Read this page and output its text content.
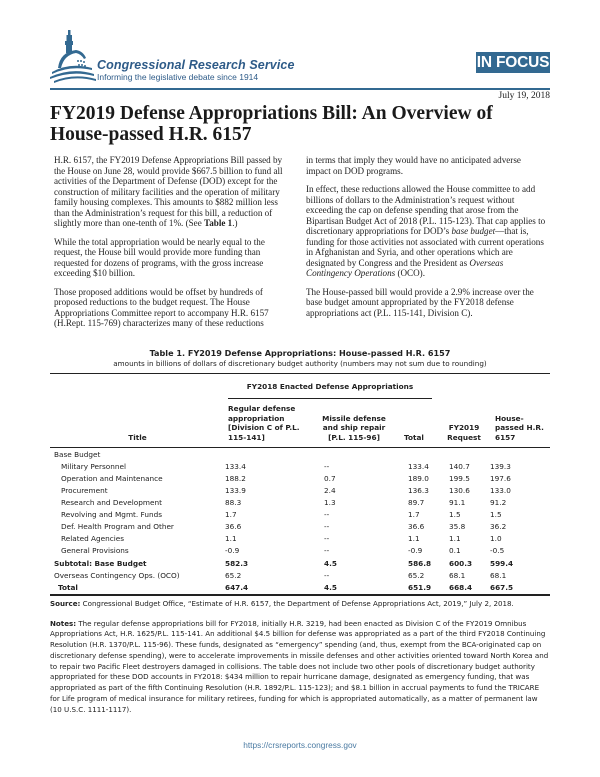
Congressional Research Service
Informing the legislative debate since 1914
IN FOCUS
July 19, 2018
FY2019 Defense Appropriations Bill: An Overview of House-passed H.R. 6157

H.R. 6157, the FY2019 Defense Appropriations Bill passed by the House on June 28, would provide $667.5 billion to fund all activities of the Department of Defense (DOD) except for the construction of military facilities and the operation of military family housing complexes. This amounts to $882 million less than the Administration’s request for this bill, a reduction of slightly more than one-tenth of 1%. (See Table 1.)

While the total appropriation would be nearly equal to the request, the House bill would provide more funding than requested for dozens of programs, with the gross increase exceeding $10 billion.

Those proposed additions would be offset by hundreds of proposed reductions to the budget request. The House Appropriations Committee report to accompany H.R. 6157 (H.Rept. 115-769) characterizes many of these reductions

in terms that imply they would have no anticipated adverse impact on DOD programs.

In effect, these reductions allowed the House committee to add billions of dollars to the Administration’s request without exceeding the cap on defense spending that arose from the Bipartisan Budget Act of 2018 (P.L. 115-123). That cap applies to discretionary appropriations for DOD’s base budget—that is, funding for those activities not associated with current operations in Afghanistan and Syria, and other operations which are designated by Congress and the President as Overseas Contingency Operations (OCO).

The House-passed bill would provide a 2.9% increase over the base budget amount appropriated by the FY2018 defense appropriations act (P.L. 115-141, Division C).

Table 1. FY2019 Defense Appropriations: House-passed H.R. 6157
amounts in billions of dollars of discretionary budget authority (numbers may not sum due to rounding)
FY2018 Enacted Defense Appropriations
Title
Regular defense appropriation [Division C of P.L. 115-141]
Missile defense and ship repair [P.L. 115-96]	Total
FY2019 Request
House-passed H.R. 6157
Base Budget					
Military Personnel	133.4	--	133.4	140.7	139.3
Operation and Maintenance	188.2	0.7	189.0	199.5	197.6
Procurement	133.9	2.4	136.3	130.6	133.0
Research and Development	88.3	1.3	89.7	91.1	91.2
Revolving and Mgmt. Funds	1.7	--	1.7	1.5	1.5
Def. Health Program and Other	36.6	--	36.6	35.8	36.2
Related Agencies	1.1	--	1.1	1.1	1.0
General Provisions	-0.9	--	-0.9	0.1	-0.5
Subtotal: Base Budget	582.3	4.5	586.8	600.3	599.4
Overseas Contingency Ops. (OCO)	65.2	--	65.2	68.1	68.1
Total	647.4	4.5	651.9	668.4	667.5
Source: Congressional Budget Office, “Estimate of H.R. 6157, the Department of Defense Appropriations Act, 2019,” July 2, 2018.
Notes: The regular defense appropriations bill for FY2018, initially H.R. 3219, had been enacted as Division C of the FY2019 Omnibus Appropriations Act, H.R. 1625/P.L. 115-141. An additional $4.5 billion for defense was appropriated as a part of the third FY2018 Continuing Resolution (H.R. 1370/P.L. 115-96). These funds, designated as “emergency” spending (and, thus, exempt from the BCA-originated cap on discretionary defense spending), were to accelerate improvements in missile defenses and other activities oriented toward North Korea and to repair two Pacific Fleet destroyers damaged in collisions. The table does not include two other pools of discretionary budget authority appropriated for these DOD accounts in FY2018: $434 million to repair hurricane damage, designated as emergency funding, that was appropriated as part of the fifth Continuing Resolution (H.R. 1892/P.L. 115-123); and $8.1 billion in accrual payments to fund the TRICARE for Life program of medical insurance for military retirees, funding for which is appropriated automatically, as a matter of permanent law (10 U.S.C. 1111-1117).
https://crsreports.congress.gov
